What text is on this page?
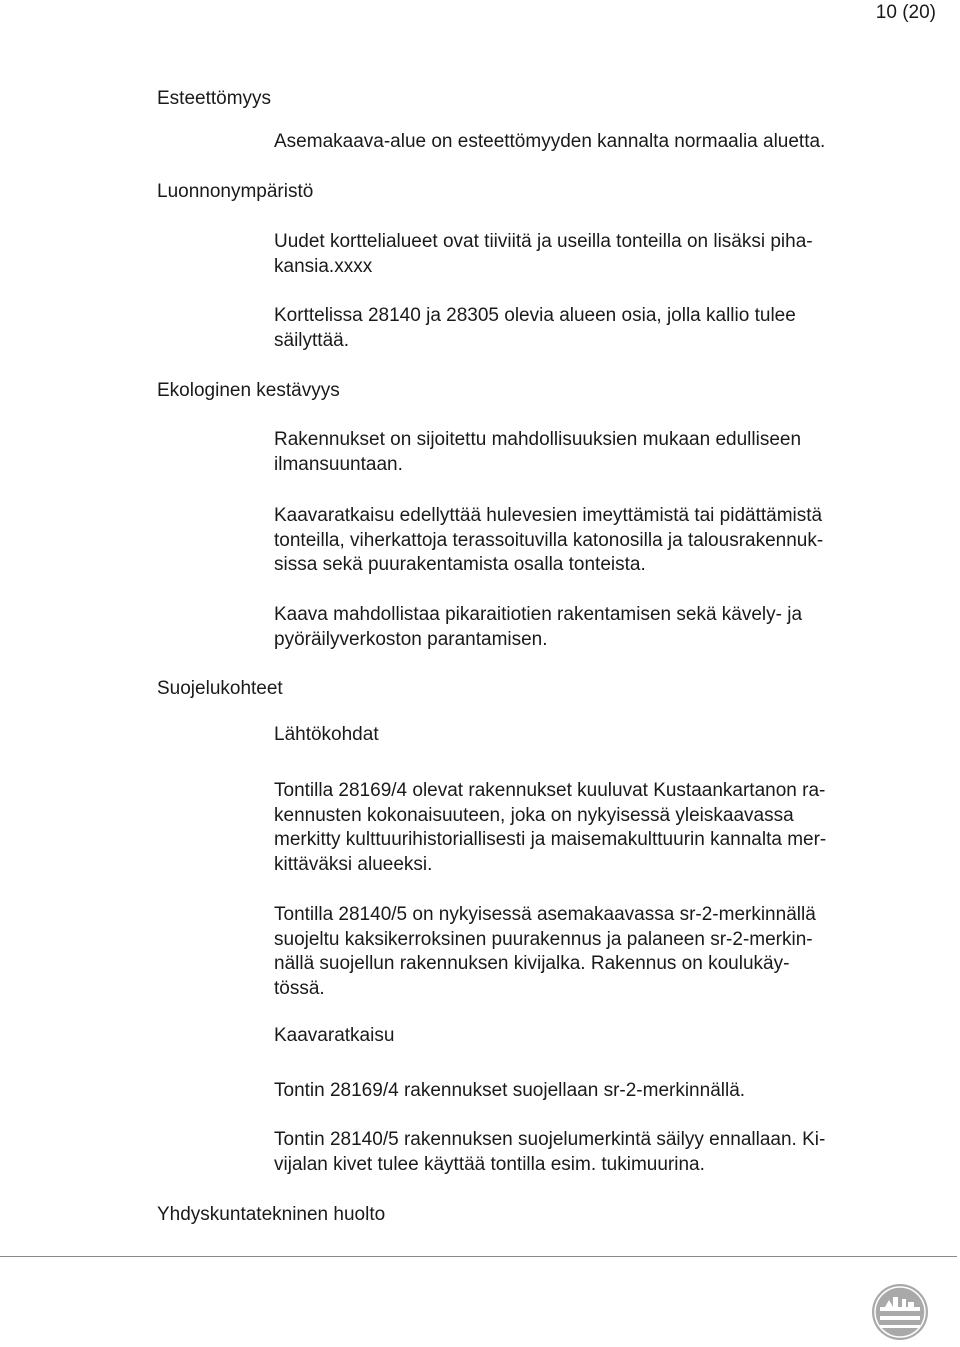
10 (20)
Esteettömyys
Asemakaava-alue on esteettömyyden kannalta normaalia aluetta.
Luonnonympäristö
Uudet korttelialueet ovat tiiviitä ja useilla tonteilla on lisäksi piha-
kansia.xxxx
Korttelissa 28140 ja 28305 olevia alueen osia, jolla kallio tulee
säilyttää.
Ekologinen kestävyys
Rakennukset on sijoitettu mahdollisuuksien mukaan edulliseen
ilmansuuntaan.
Kaavaratkaisu edellyttää hulevesien imeyttämistä tai pidättämistä
tonteilla, viherkattoja terassoituvilla katonosilla ja talousrakennuk-
sissa sekä puurakentamista osalla tonteista.
Kaava mahdollistaa pikaraitiotien rakentamisen sekä kävely- ja
pyöräilyverkoston parantamisen.
Suojelukohteet
Lähtökohdat
Tontilla 28169/4 olevat rakennukset kuuluvat Kustaankartanon ra-
kennusten kokonaisuuteen, joka on nykyisessä yleiskaavassa
merkitty kulttuurihistoriallisesti ja maisemakulttuurin kannalta mer-
kittäväksi alueeksi.
Tontilla 28140/5 on nykyisessä asemakaavassa sr-2-merkinnällä
suojeltu kaksikerroksinen puurakennus ja palaneen sr-2-merkin-
nällä suojellun rakennuksen kivijalka. Rakennus on koulukäy-
tössä.
Kaavaratkaisu
Tontin 28169/4 rakennukset suojellaan sr-2-merkinnällä.
Tontin 28140/5 rakennuksen suojelumerkintä säilyy ennallaan. Ki-
vijalan kivet tulee käyttää tontilla esim. tukimuurina.
Yhdyskuntatekninen huolto
